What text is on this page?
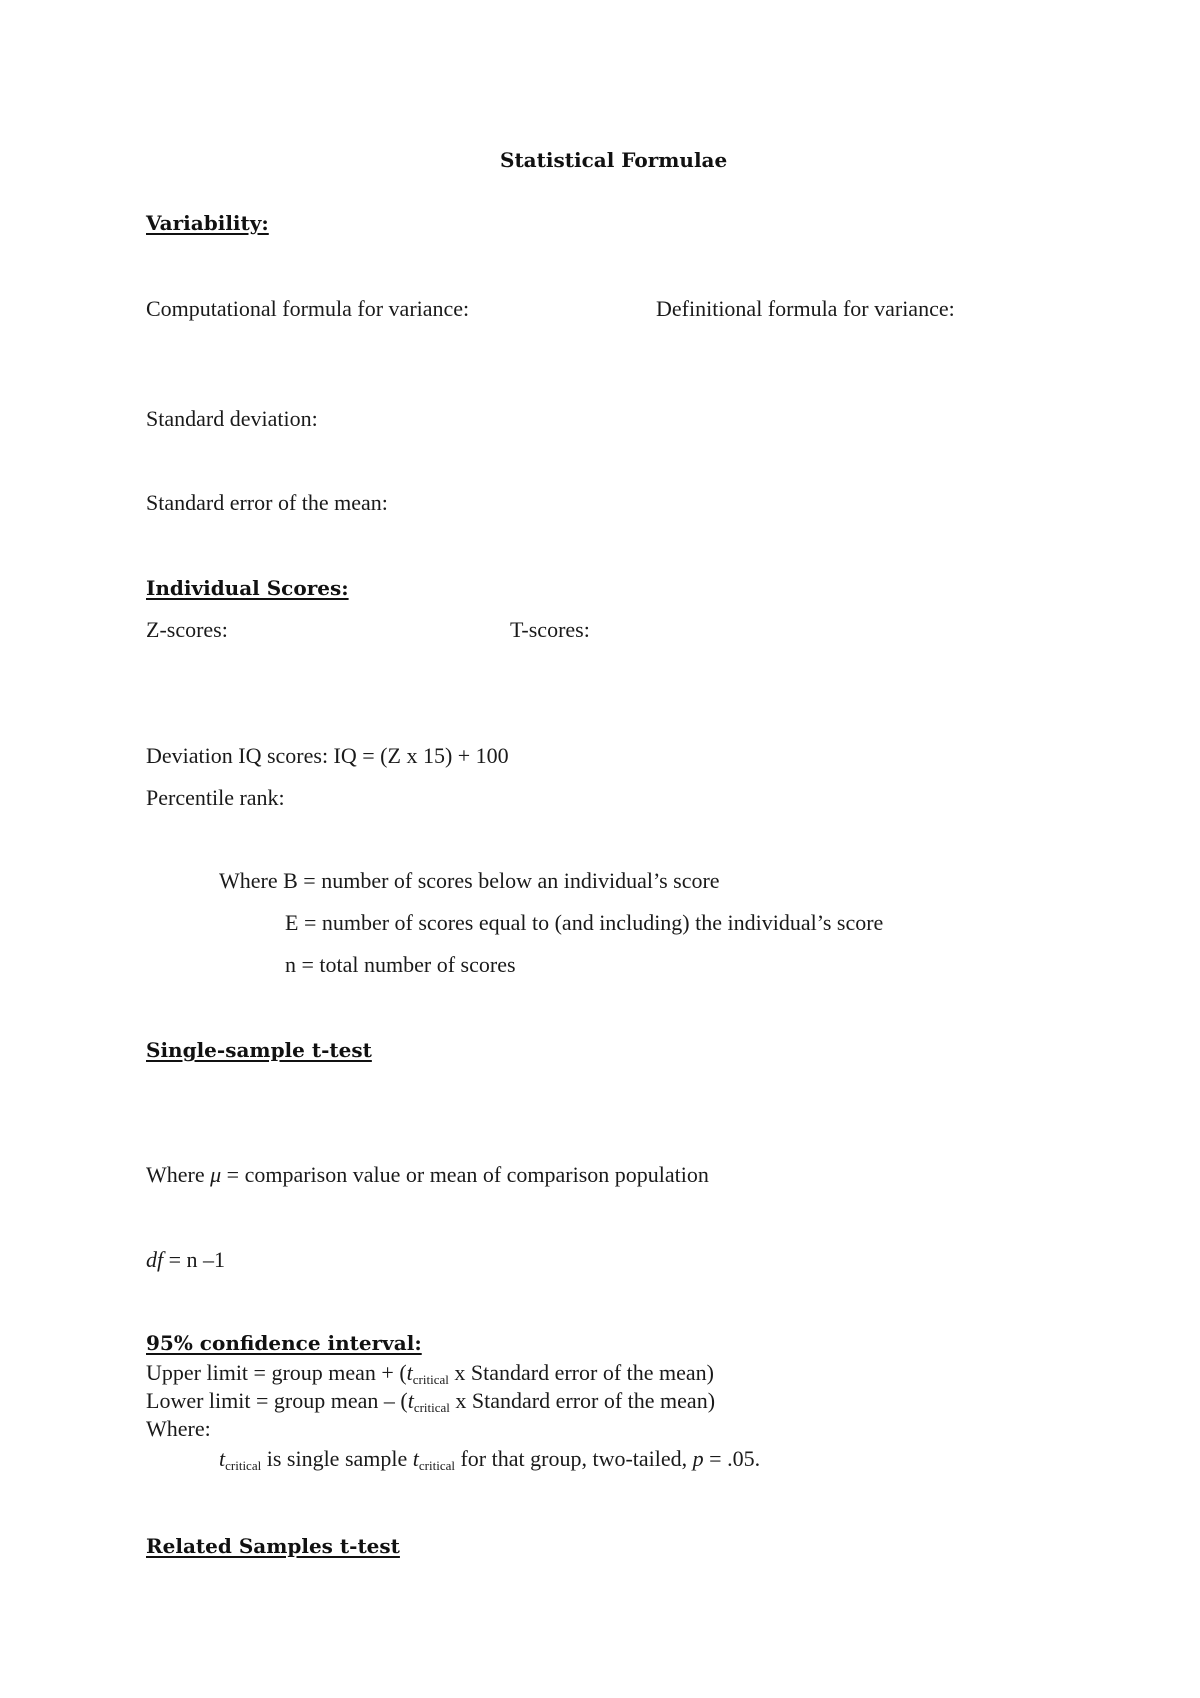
Statistical Formulae
Variability:
Computational formula for variance:	Definitional formula for variance:
Standard deviation:
Standard error of the mean:
Individual Scores:
Z-scores:	T-scores:
Deviation IQ scores: IQ = (Z x 15) + 100
Percentile rank:
Where B = number of scores below an individual’s score
E = number of scores equal to (and including) the individual’s score
n = total number of scores
Single-sample t-test
Where μ = comparison value or mean of comparison population
df = n –1
95% confidence interval:
Upper limit = group mean + (tcritical x Standard error of the mean)
Lower limit = group mean – (tcritical x Standard error of the mean)
Where:
tcritical is single sample tcritical for that group, two-tailed, p = .05.
Related Samples t-test
